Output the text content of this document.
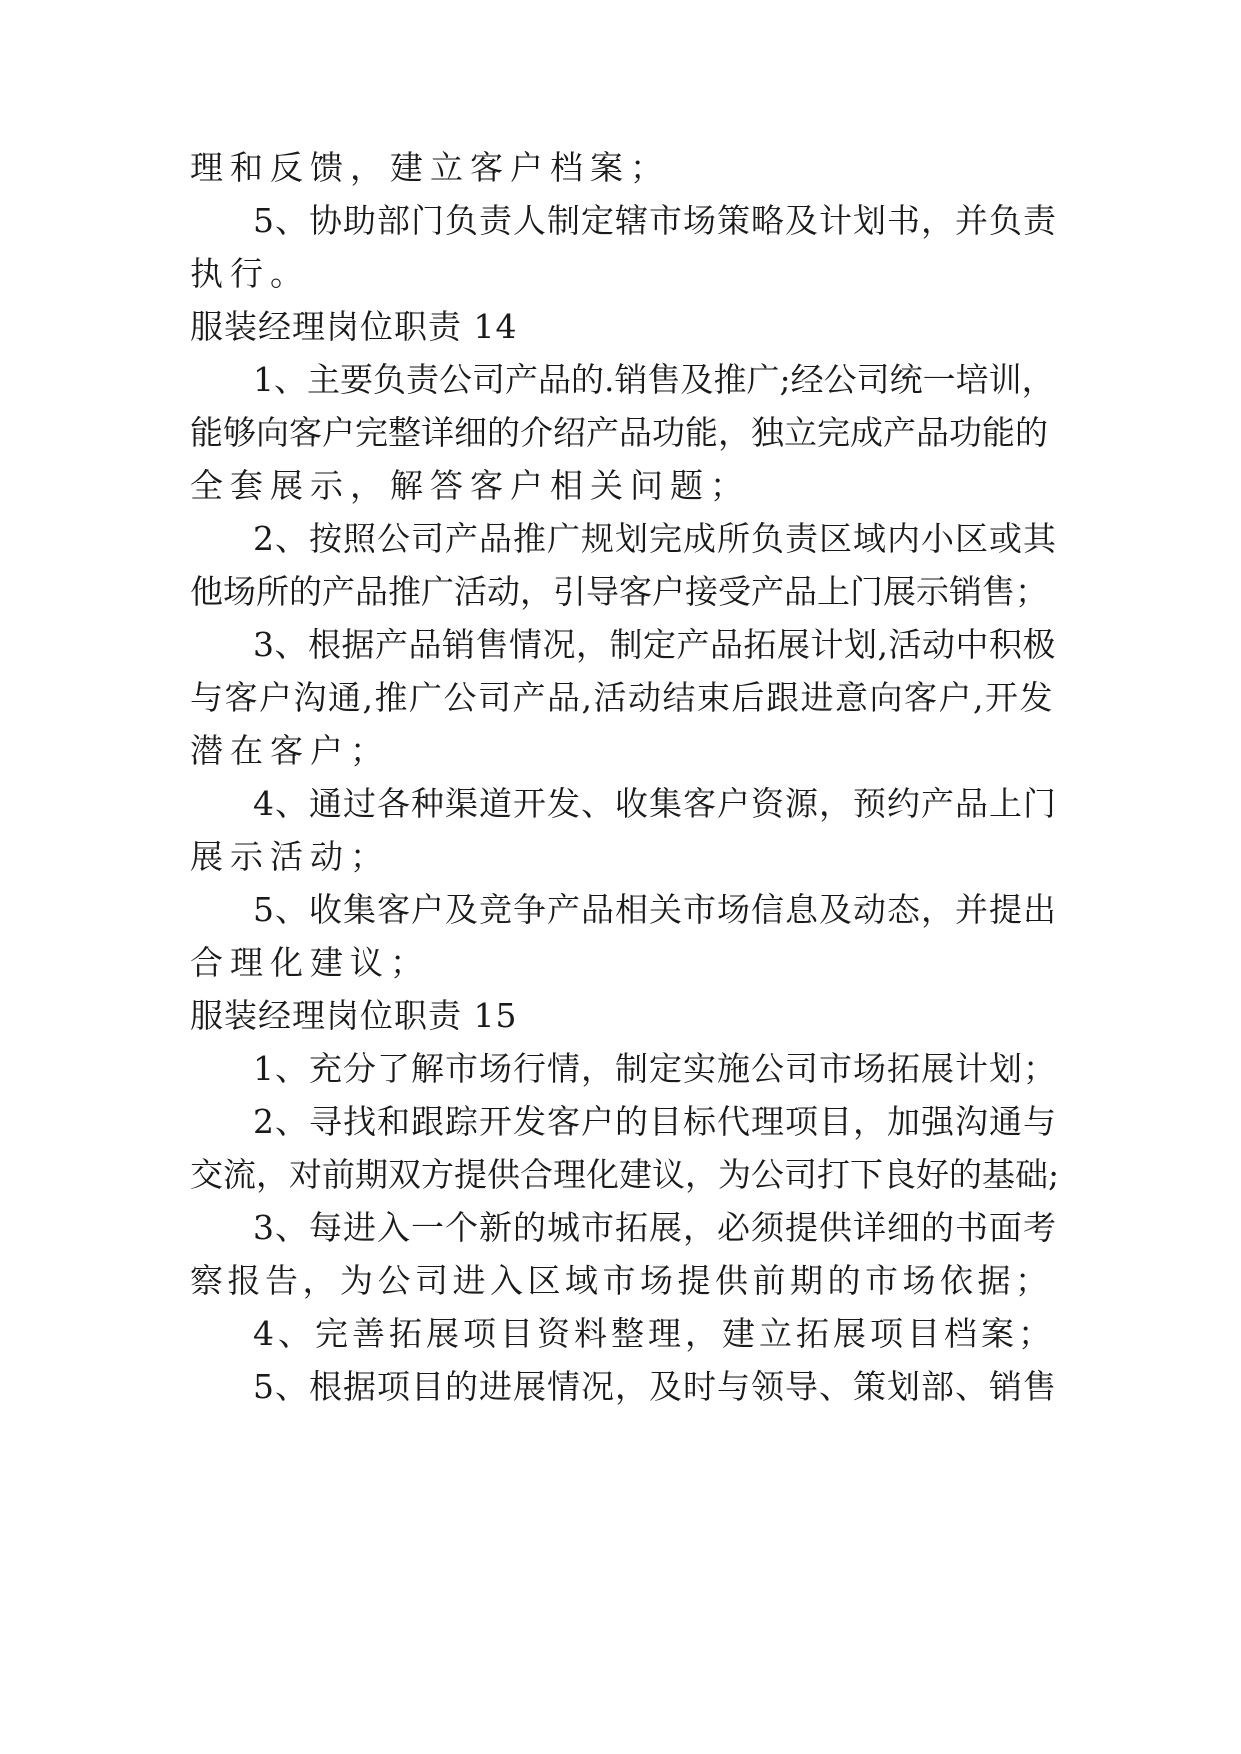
理和反馈，建立客户档案；
5、协助部门负责人制定辖市场策略及计划书，并负责
执行。
服装经理岗位职责 14
1、主要负责公司产品的.销售及推广;经公司统一培训，
能够向客户完整详细的介绍产品功能，独立完成产品功能的
全套展示，解答客户相关问题；
2、按照公司产品推广规划完成所负责区域内小区或其
他场所的产品推广活动，引导客户接受产品上门展示销售；
3、根据产品销售情况，制定产品拓展计划,活动中积极
与客户沟通,推广公司产品,活动结束后跟进意向客户,开发
潜在客户；
4、通过各种渠道开发、收集客户资源，预约产品上门
展示活动；
5、收集客户及竞争产品相关市场信息及动态，并提出
合理化建议；
服装经理岗位职责 15
1、充分了解市场行情，制定实施公司市场拓展计划；
2、寻找和跟踪开发客户的目标代理项目，加强沟通与
交流，对前期双方提供合理化建议，为公司打下良好的基础;
3、每进入一个新的城市拓展，必须提供详细的书面考
察报告，为公司进入区域市场提供前期的市场依据；
4、完善拓展项目资料整理，建立拓展项目档案；
5、根据项目的进展情况，及时与领导、策划部、销售
